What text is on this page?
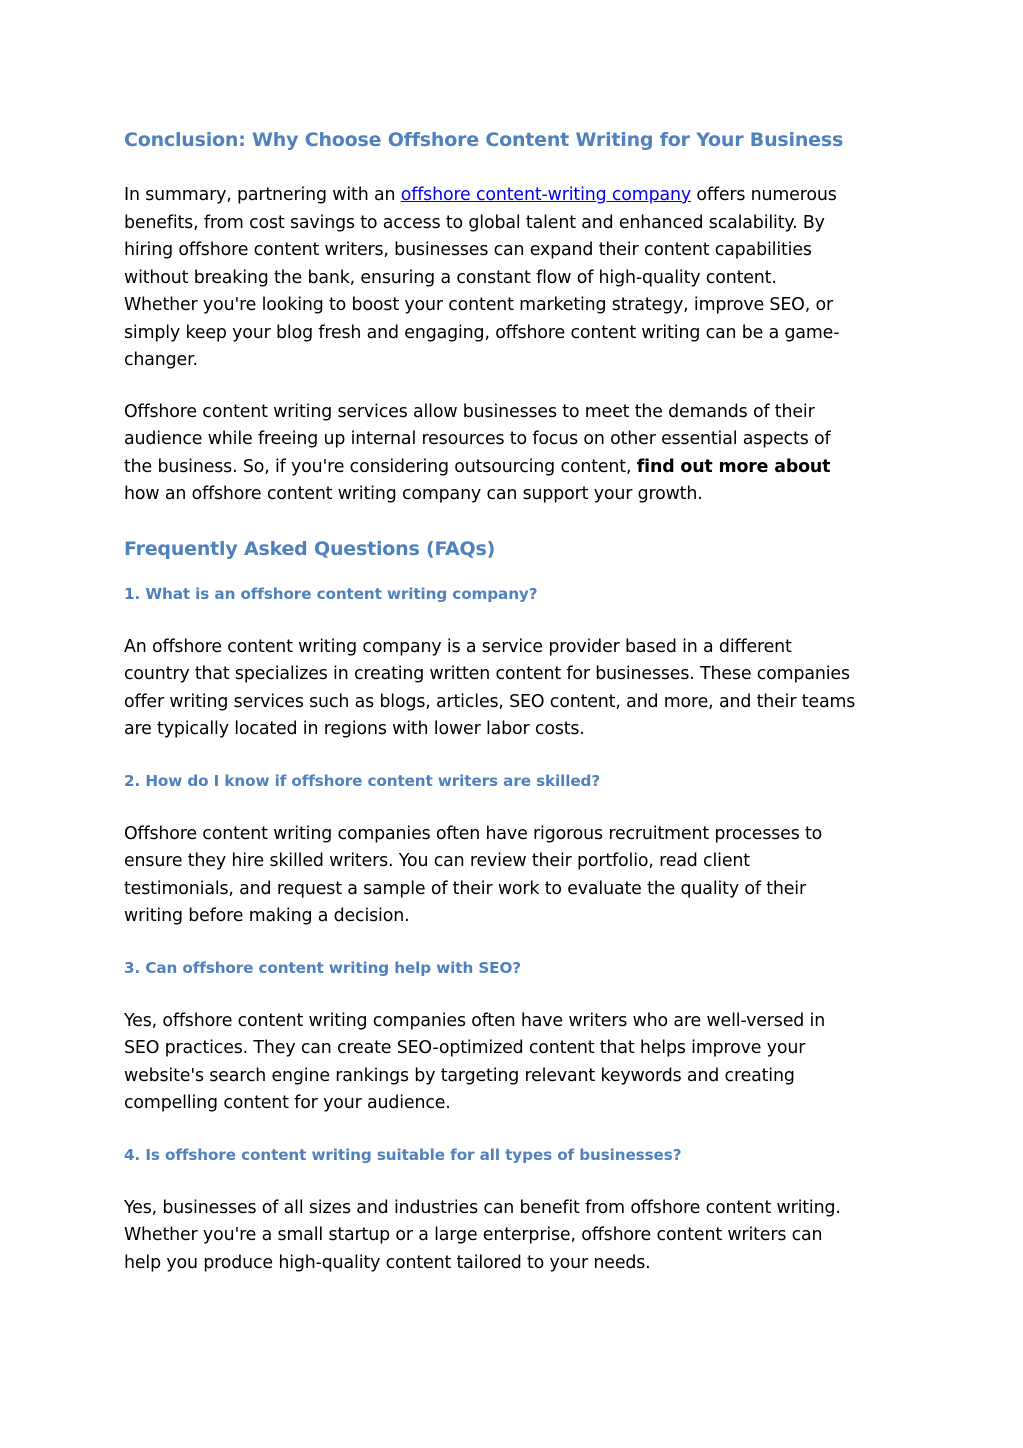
Conclusion: Why Choose Offshore Content Writing for Your Business

In summary, partnering with an offshore content-writing company offers numerous
benefits, from cost savings to access to global talent and enhanced scalability. By
hiring offshore content writers, businesses can expand their content capabilities
without breaking the bank, ensuring a constant flow of high-quality content.
Whether you're looking to boost your content marketing strategy, improve SEO, or
simply keep your blog fresh and engaging, offshore content writing can be a game-
changer.

Offshore content writing services allow businesses to meet the demands of their
audience while freeing up internal resources to focus on other essential aspects of
the business. So, if you're considering outsourcing content, find out more about
how an offshore content writing company can support your growth.

Frequently Asked Questions (FAQs)
1. What is an offshore content writing company?

An offshore content writing company is a service provider based in a different
country that specializes in creating written content for businesses. These companies
offer writing services such as blogs, articles, SEO content, and more, and their teams
are typically located in regions with lower labor costs.

2. How do I know if offshore content writers are skilled?

Offshore content writing companies often have rigorous recruitment processes to
ensure they hire skilled writers. You can review their portfolio, read client
testimonials, and request a sample of their work to evaluate the quality of their
writing before making a decision.

3. Can offshore content writing help with SEO?

Yes, offshore content writing companies often have writers who are well-versed in
SEO practices. They can create SEO-optimized content that helps improve your
website's search engine rankings by targeting relevant keywords and creating
compelling content for your audience.

4. Is offshore content writing suitable for all types of businesses?

Yes, businesses of all sizes and industries can benefit from offshore content writing.
Whether you're a small startup or a large enterprise, offshore content writers can
help you produce high-quality content tailored to your needs.
